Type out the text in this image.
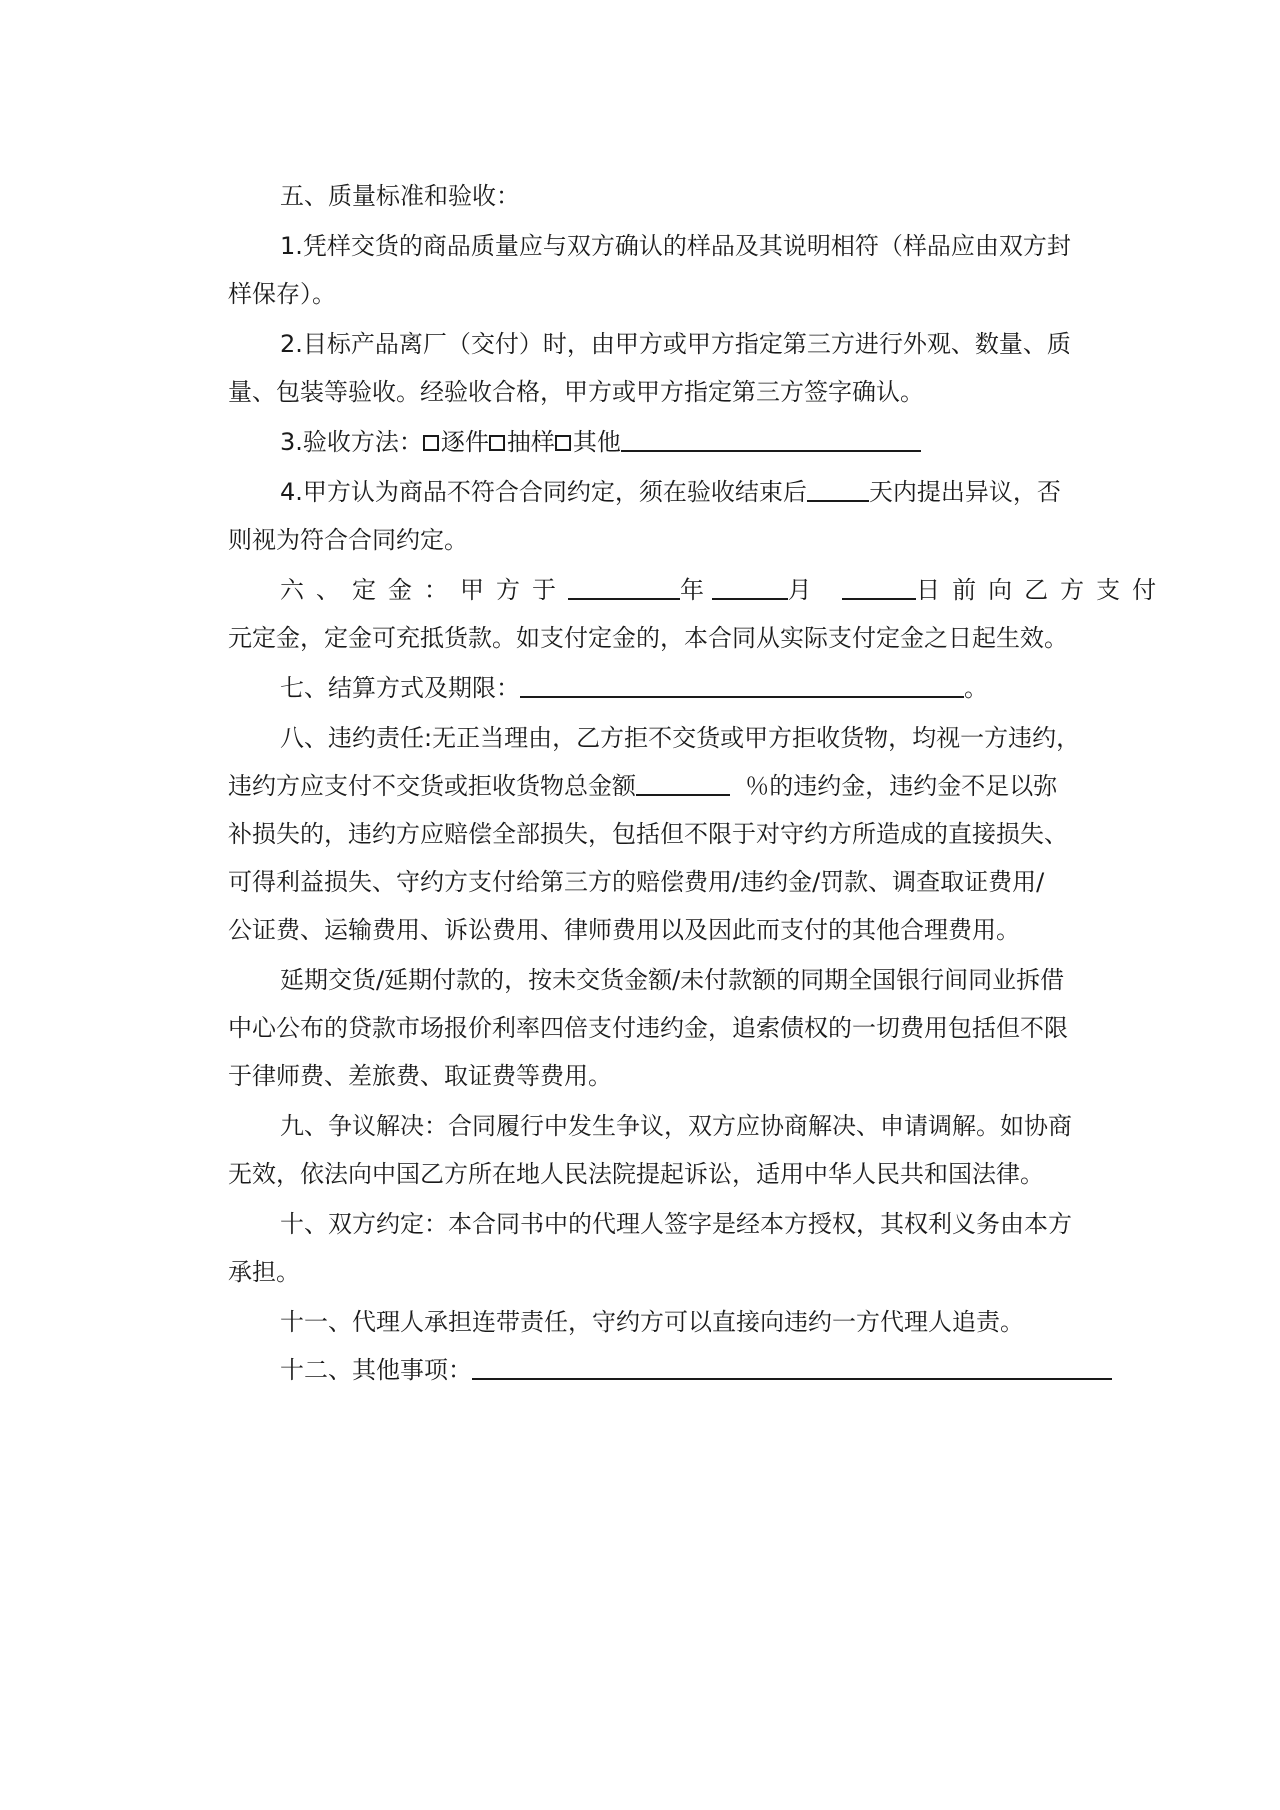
五、质量标准和验收：
1.凭样交货的商品质量应与双方确认的样品及其说明相符（样品应由双方封
样保存）。
2.目标产品离厂（交付）时，由甲方或甲方指定第三方进行外观、数量、质
量、包装等验收。经验收合格，甲方或甲方指定第三方签字确认。
3.验收方法： 逐件 抽样 其他
4.甲方认为商品不符合合同约定，须在验收结束后	天内提出异议，否
则视为符合合同约定。
六、定金：甲方于	年	月	日前向乙方支付
元定金，定金可充抵货款。如支付定金的，本合同从实际支付定金之日起生效。
七、结算方式及期限：	。
八、违约责任:无正当理由，乙方拒不交货或甲方拒收货物，均视一方违约，
违约方应支付不交货或拒收货物总金额	％的违约金，违约金不足以弥
补损失的，违约方应赔偿全部损失，包括但不限于对守约方所造成的直接损失、
可得利益损失、守约方支付给第三方的赔偿费用/违约金/罚款、调查取证费用/
公证费、运输费用、诉讼费用、律师费用以及因此而支付的其他合理费用。
延期交货/延期付款的，按未交货金额/未付款额的同期全国银行间同业拆借
中心公布的贷款市场报价利率四倍支付违约金，追索债权的一切费用包括但不限
于律师费、差旅费、取证费等费用。
九、争议解决：合同履行中发生争议，双方应协商解决、申请调解。如协商
无效，依法向中国乙方所在地人民法院提起诉讼，适用中华人民共和国法律。
十、双方约定：本合同书中的代理人签字是经本方授权，其权利义务由本方
承担。
十一、代理人承担连带责任，守约方可以直接向违约一方代理人追责。
十二、其他事项：
